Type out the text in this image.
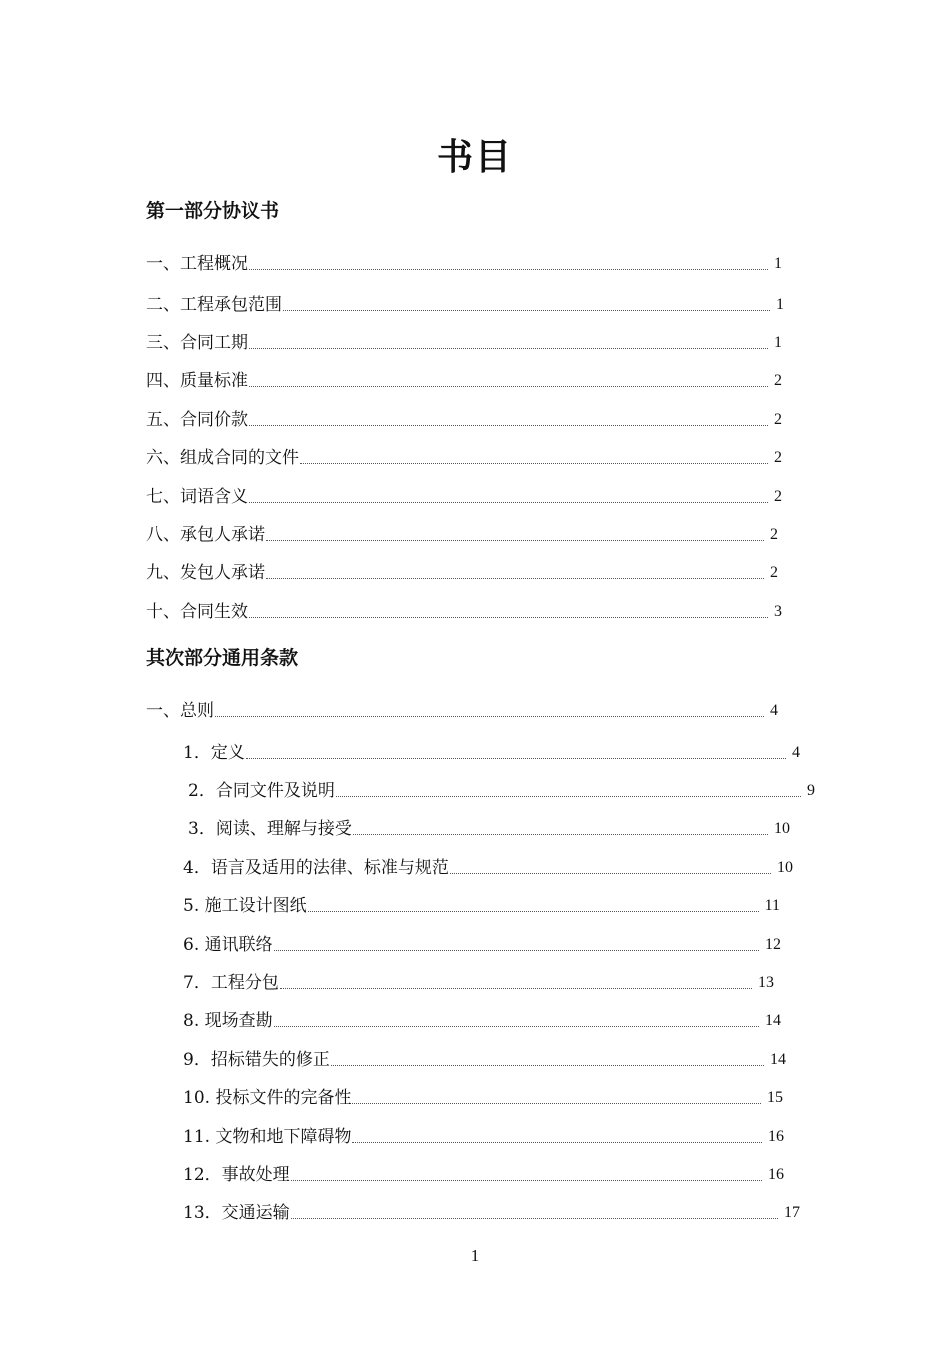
书目
第一部分协议书
一、工程概况	1
二、工程承包范围	1
三、合同工期	1
四、质量标准	2
五、合同价款	2
六、组成合同的文件	2
七、词语含义	2
八、承包人承诺	2
九、发包人承诺	2
十、合同生效	3
其次部分通用条款
一、总则	4
1．定义	4
2．合同文件及说明	9
3．阅读、理解与接受	10
4．语言及适用的法律、标准与规范	10
5. 施工设计图纸	11
6. 通讯联络	12
7．工程分包	13
8. 现场查勘	14
9．招标错失的修正	14
10. 投标文件的完备性	15
11. 文物和地下障碍物	16
12．事故处理	16
13．交通运输	17
1
